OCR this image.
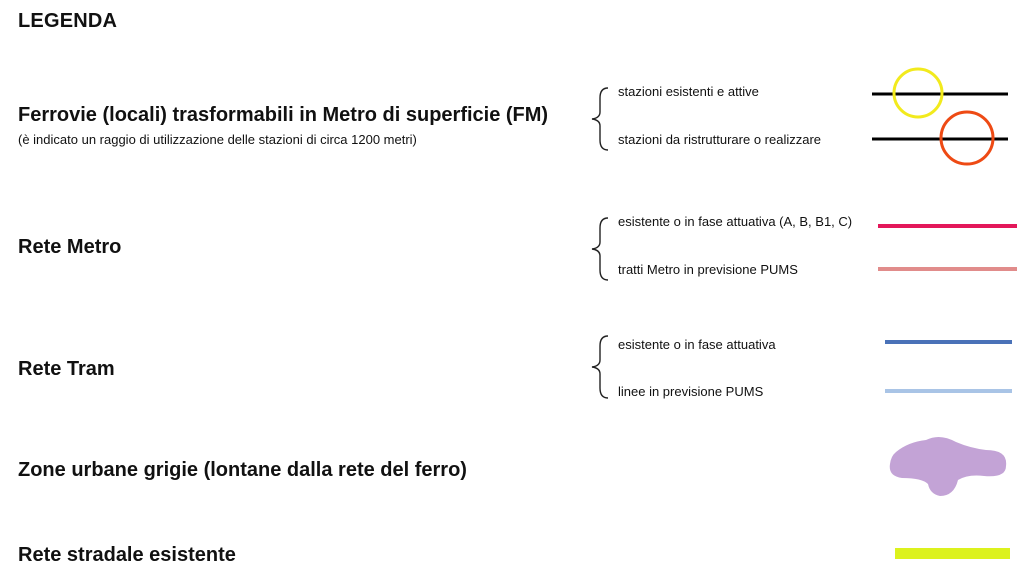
LEGENDA
Ferrovie (locali) trasformabili in Metro di superficie (FM)
(è indicato un raggio di utilizzazione delle stazioni di circa 1200 metri)
stazioni esistenti e attive
stazioni da ristrutturare o realizzare
Rete Metro
esistente o in fase attuativa (A, B, B1, C)
tratti Metro in previsione PUMS
Rete Tram
esistente o in fase attuativa
linee in previsione PUMS
Zone urbane grigie (lontane dalla rete del ferro)
Rete stradale esistente
